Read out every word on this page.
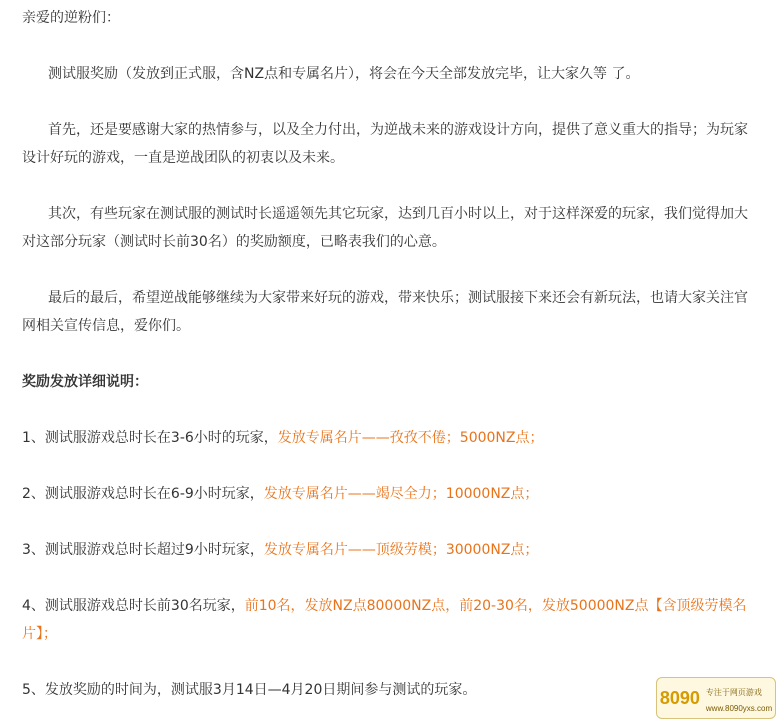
亲爱的逆粉们：

测试服奖励（发放到正式服，含NZ点和专属名片），将会在今天全部发放完毕，让大家久等 了。

首先，还是要感谢大家的热情参与，以及全力付出，为逆战未来的游戏设计方向，提供了意义重大的指导；为玩家

设计好玩的游戏，一直是逆战团队的初衷以及未来。

其次，有些玩家在测试服的测试时长遥遥领先其它玩家，达到几百小时以上，对于这样深爱的玩家，我们觉得加大

对这部分玩家（测试时长前30名）的奖励额度，已略表我们的心意。

最后的最后，希望逆战能够继续为大家带来好玩的游戏，带来快乐；测试服接下来还会有新玩法，也请大家关注官

网相关宣传信息，爱你们。

奖励发放详细说明：

1、测试服游戏总时长在3-6小时的玩家，发放专属名片——孜孜不倦；5000NZ点；

2、测试服游戏总时长在6-9小时玩家，发放专属名片——竭尽全力；10000NZ点；

3、测试服游戏总时长超过9小时玩家，发放专属名片——顶级劳模；30000NZ点；

4、测试服游戏总时长前30名玩家，前10名，发放NZ点80000NZ点，前20-30名，发放50000NZ点【含顶级劳模名

片】；

5、发放奖励的时间为，测试服3月14日—4月20日期间参与测试的玩家。	8090 专注于网页游戏
www.8090yxs.com
